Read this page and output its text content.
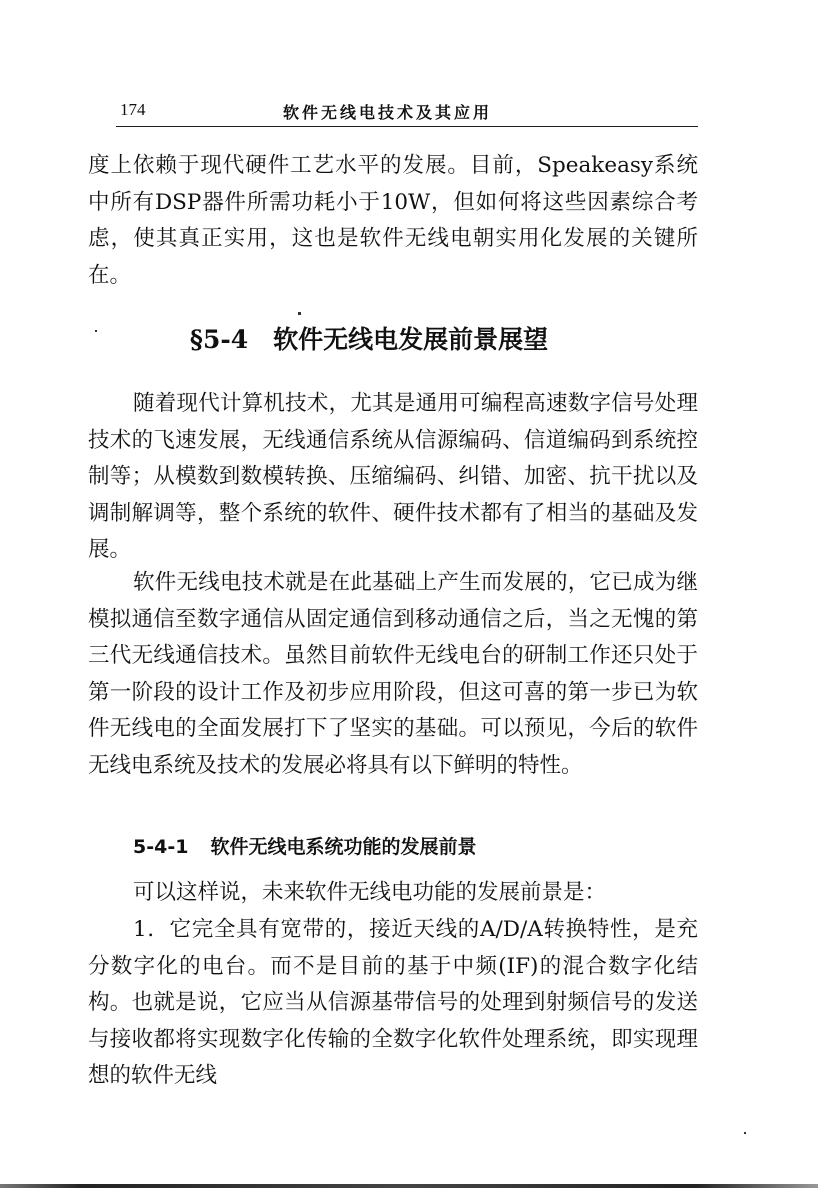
174	软件无线电技术及其应用

度上依赖于现代硬件工艺水平的发展。目前，Speakeasy系统中所有DSP器件所需功耗小于10W，但如何将这些因素综合考虑，使其真正实用，这也是软件无线电朝实用化发展的关键所在。

§5-4　软件无线电发展前景展望

随着现代计算机技术，尤其是通用可编程高速数字信号处理技术的飞速发展，无线通信系统从信源编码、信道编码到系统控制等；从模数到数模转换、压缩编码、纠错、加密、抗干扰以及调制解调等，整个系统的软件、硬件技术都有了相当的基础及发展。

软件无线电技术就是在此基础上产生而发展的，它已成为继模拟通信至数字通信从固定通信到移动通信之后，当之无愧的第三代无线通信技术。虽然目前软件无线电台的研制工作还只处于第一阶段的设计工作及初步应用阶段，但这可喜的第一步已为软件无线电的全面发展打下了坚实的基础。可以预见，今后的软件无线电系统及技术的发展必将具有以下鲜明的特性。

5-4-1 软件无线电系统功能的发展前景

可以这样说，未来软件无线电功能的发展前景是：

1．它完全具有宽带的，接近天线的A/D/A转换特性，是充分数字化的电台。而不是目前的基于中频(IF)的混合数字化结构。也就是说，它应当从信源基带信号的处理到射频信号的发送与接收都将实现数字化传输的全数字化软件处理系统，即实现理想的软件无线
